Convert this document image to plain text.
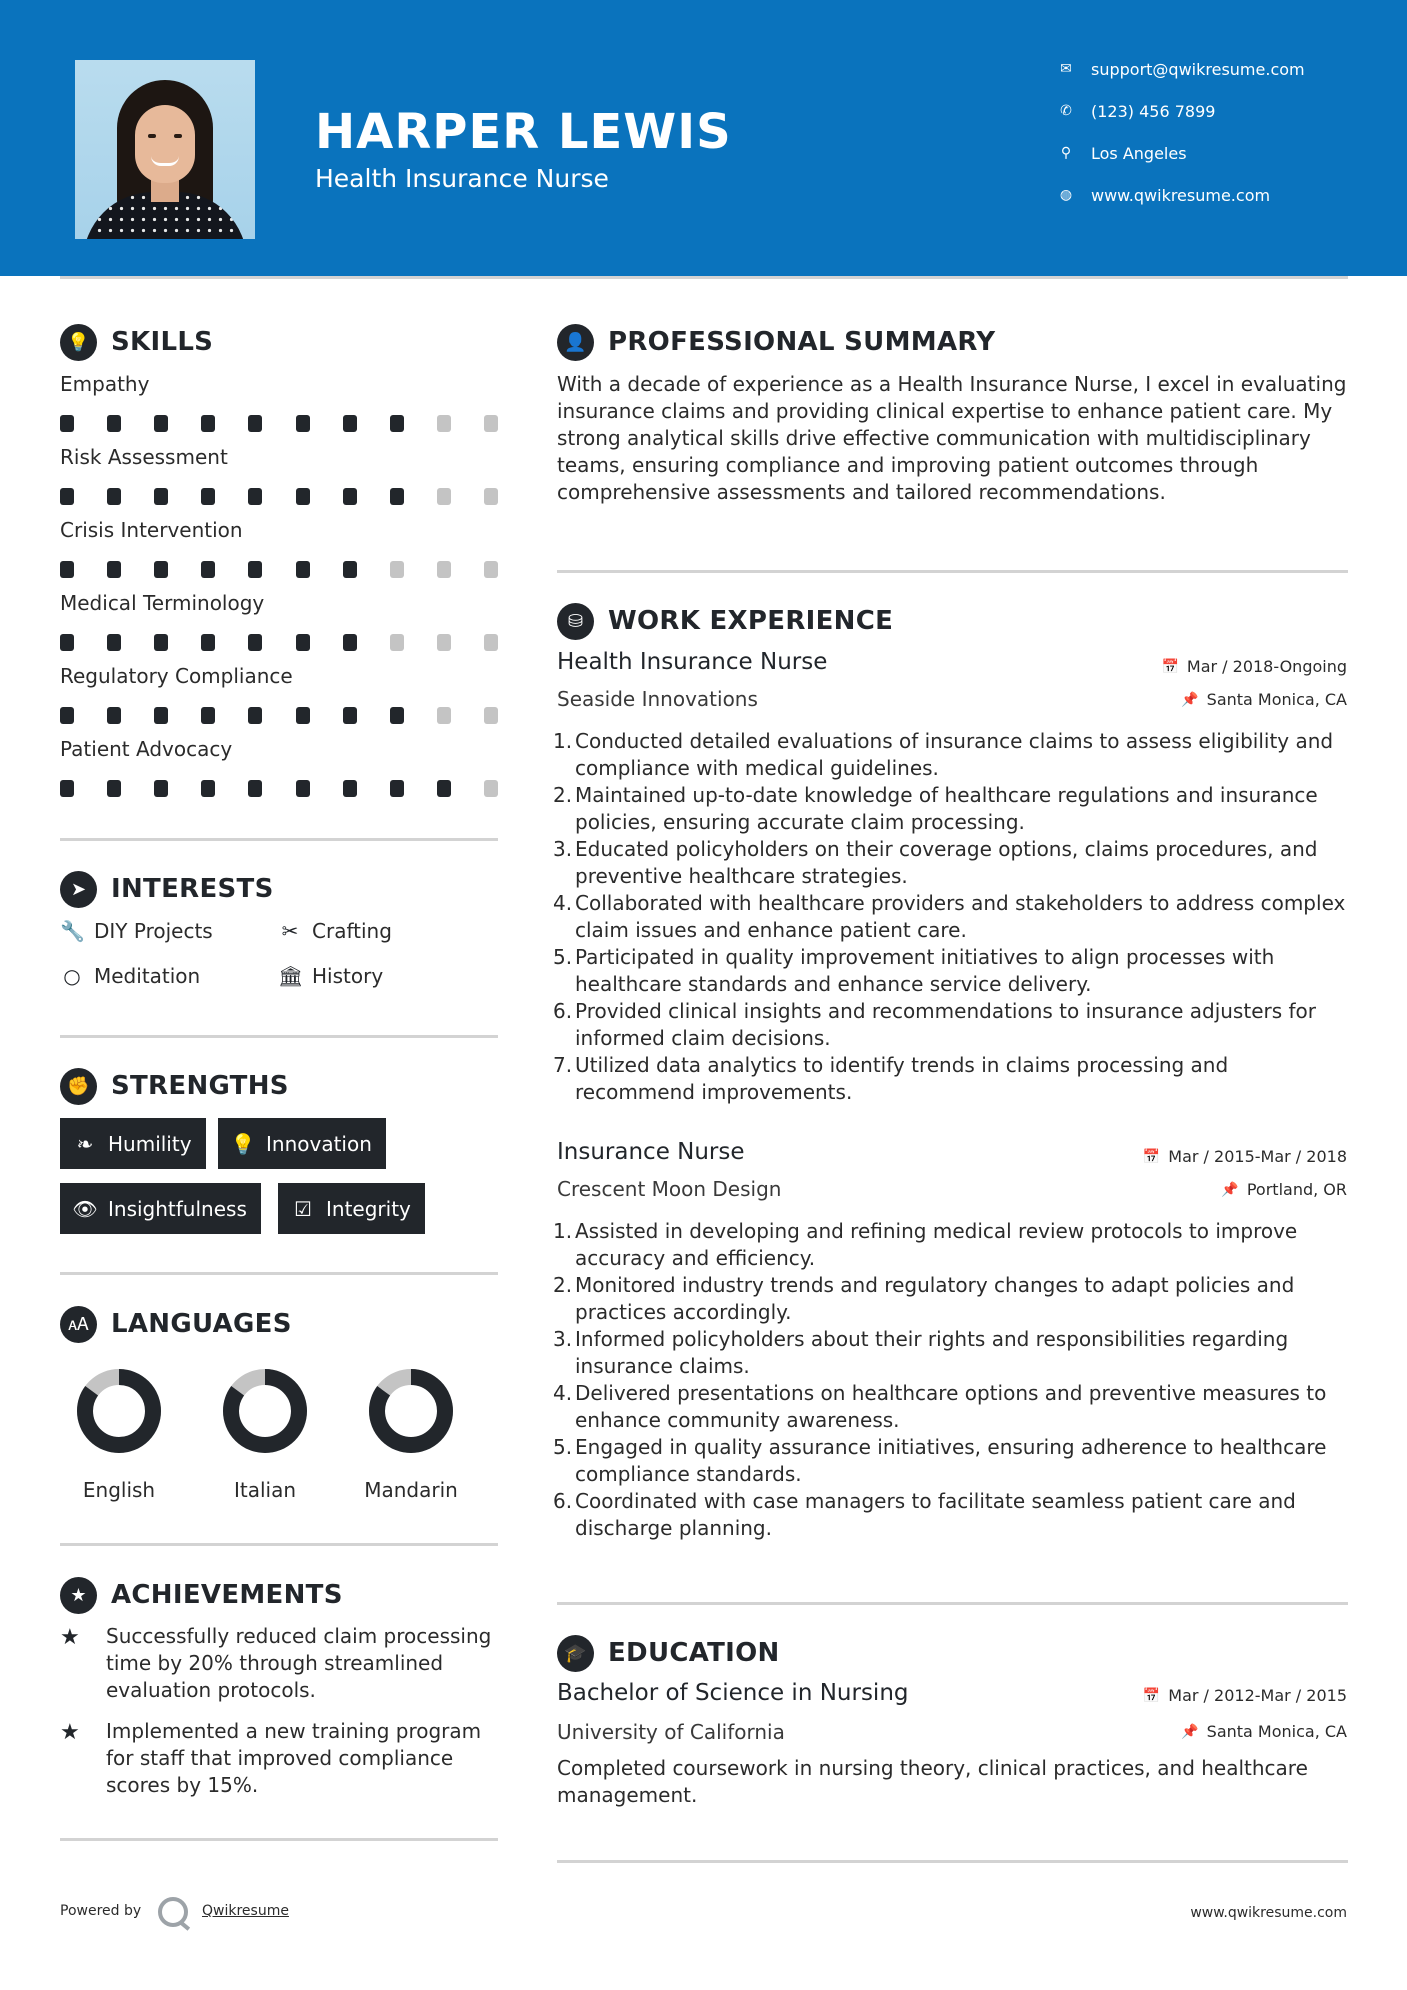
HARPER LEWIS
Health Insurance Nurse
✉	support@qwikresume.com
✆	(123) 456 7899
⚲	Los Angeles
◍	www.qwikresume.com
💡 SKILLS
Empathy
Risk Assessment
Crisis Intervention
Medical Terminology
Regulatory Compliance
Patient Advocacy
➤ INTERESTS
🔧 DIY Projects	✂ Crafting
○ Meditation	🏛 History
✊ STRENGTHS
❧ Humility 💡 Innovation
👁 Insightfulness ☑ Integrity
🗚 LANGUAGES
English	Italian	Mandarin
★ ACHIEVEMENTS
★	Successfully reduced claim processing time by 20% through streamlined evaluation protocols.
★	Implemented a new training program for staff that improved compliance scores by 15%.
👤 PROFESSIONAL SUMMARY
With a decade of experience as a Health Insurance Nurse, I excel in evaluating insurance claims and providing clinical expertise to enhance patient care. My strong analytical skills drive effective communication with multidisciplinary teams, ensuring compliance and improving patient outcomes through comprehensive assessments and tailored recommendations.
⛁ WORK EXPERIENCE
Health Insurance Nurse	📅 Mar / 2018-Ongoing
Seaside Innovations	📌 Santa Monica, CA
1. Conducted detailed evaluations of insurance claims to assess eligibility and compliance with medical guidelines.
2. Maintained up-to-date knowledge of healthcare regulations and insurance policies, ensuring accurate claim processing.
3. Educated policyholders on their coverage options, claims procedures, and preventive healthcare strategies.
4. Collaborated with healthcare providers and stakeholders to address complex claim issues and enhance patient care.
5. Participated in quality improvement initiatives to align processes with healthcare standards and enhance service delivery.
6. Provided clinical insights and recommendations to insurance adjusters for informed claim decisions.
7. Utilized data analytics to identify trends in claims processing and recommend improvements.
Insurance Nurse	📅 Mar / 2015-Mar / 2018
Crescent Moon Design	📌 Portland, OR
1. Assisted in developing and refining medical review protocols to improve accuracy and efficiency.
2. Monitored industry trends and regulatory changes to adapt policies and practices accordingly.
3. Informed policyholders about their rights and responsibilities regarding insurance claims.
4. Delivered presentations on healthcare options and preventive measures to enhance community awareness.
5. Engaged in quality assurance initiatives, ensuring adherence to healthcare compliance standards.
6. Coordinated with case managers to facilitate seamless patient care and discharge planning.
🎓 EDUCATION
Bachelor of Science in Nursing	📅 Mar / 2012-Mar / 2015
University of California	📌 Santa Monica, CA
Completed coursework in nursing theory, clinical practices, and healthcare management.
Powered by	Qwikresume	www.qwikresume.com
